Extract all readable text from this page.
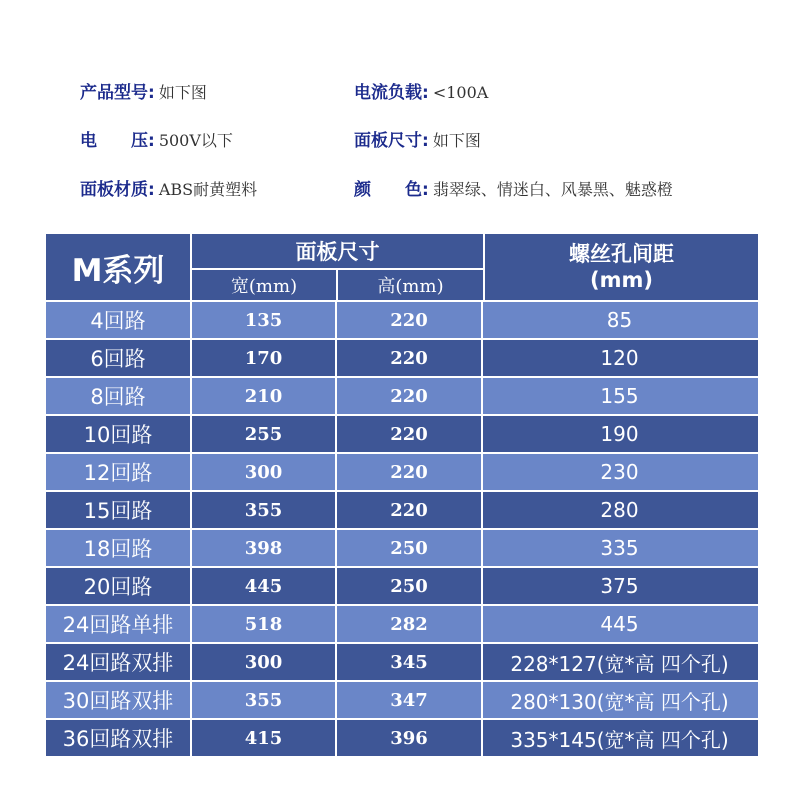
产品型号: 如下图	电流负载: <100A
电　　压: 500V以下	面板尺寸: 如下图
面板材质: ABS耐黄塑料	颜　　色: 翡翠绿、情迷白、风暴黑、魅惑橙
M系列
面板尺寸
宽(mm)	高(mm)
螺丝孔间距
(mm)
4回路	135	220	85
6回路	170	220	120
8回路	210	220	155
10回路	255	220	190
12回路	300	220	230
15回路	355	220	280
18回路	398	250	335
20回路	445	250	375
24回路单排	518	282	445
24回路双排	300	345	228*127(宽*高 四个孔)
30回路双排	355	347	280*130(宽*高 四个孔)
36回路双排	415	396	335*145(宽*高 四个孔)
